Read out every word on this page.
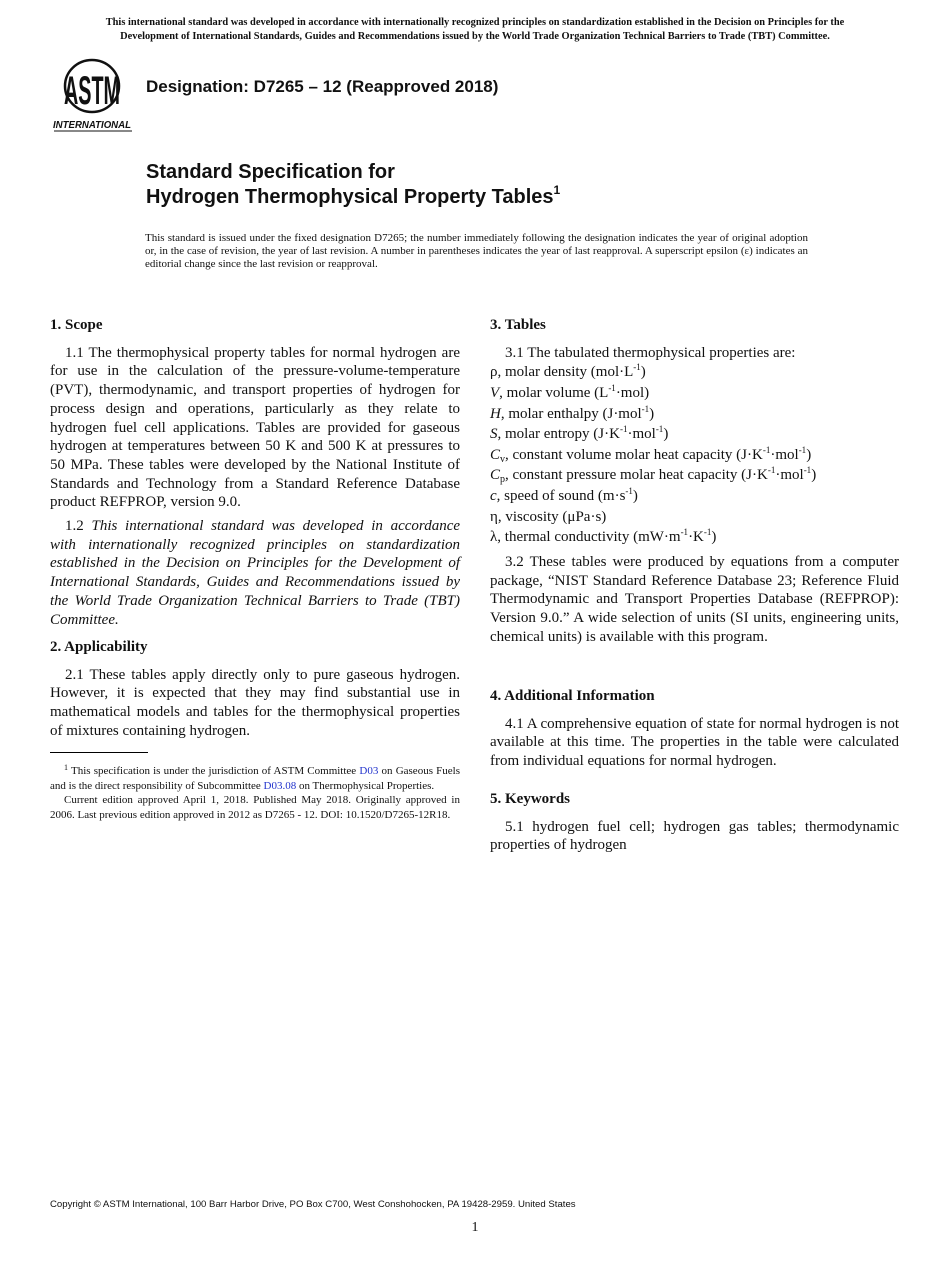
This international standard was developed in accordance with internationally recognized principles on standardization established in the Decision on Principles for the
Development of International Standards, Guides and Recommendations issued by the World Trade Organization Technical Barriers to Trade (TBT) Committee.
ASTM
INTERNATIONAL
Designation: D7265 – 12 (Reapproved 2018)
Standard Specification for
Hydrogen Thermophysical Property Tables$^1$
This standard is issued under the fixed designation D7265; the number immediately following the designation indicates the year of original adoption or, in the case of revision, the year of last revision. A number in parentheses indicates the year of last reapproval. A superscript epsilon (ε) indicates an editorial change since the last revision or reapproval.
1. Scope

1.1 The thermophysical property tables for normal hydrogen are for use in the calculation of the pressure-volume-temperature (PVT), thermodynamic, and transport properties of hydrogen for process design and operations, particularly as they relate to hydrogen fuel cell applications. Tables are provided for gaseous hydrogen at temperatures between 50 K and 500 K at pressures to 50 MPa. These tables were developed by the National Institute of Standards and Technology from a Standard Reference Database product REFPROP, version 9.0.

1.2 This international standard was developed in accordance with internationally recognized principles on standardization established in the Decision on Principles for the Development of International Standards, Guides and Recommendations issued by the World Trade Organization Technical Barriers to Trade (TBT) Committee.

2. Applicability

2.1 These tables apply directly only to pure gaseous hydrogen. However, it is expected that they may find substantial use in mathematical models and tables for the thermophysical properties of mixtures containing hydrogen.

$^1$ This specification is under the jurisdiction of ASTM Committee D03 on Gaseous Fuels and is the direct responsibility of Subcommittee D03.08 on Thermophysical Properties.

Current edition approved April 1, 2018. Published May 2018. Originally approved in 2006. Last previous edition approved in 2012 as D7265 - 12. DOI: 10.1520/D7265-12R18.

3. Tables

3.1 The tabulated thermophysical properties are:

ρ, molar density $(mol\cdot L^{-1})$
V, molar volume $(L^{-1}\cdot mol)$
H, molar enthalpy (J·mol$^{-1}$)
S, molar entropy $(J\cdot K^{-1}\cdot mol^{-1})$
$C_v$, constant volume molar heat capacity $(J\cdot K^{-1}\cdot mol^{-1})$
$C_p$, constant pressure molar heat capacity $(J\cdot K^{-1}\cdot mol^{-1})$
c, speed of sound $(m\cdot s^{-1})$
η, viscosity (μPa·s)
λ, thermal conductivity $(mW\cdot m^{-1}\cdot K^{-1})$

3.2 These tables were produced by equations from a computer package, “NIST Standard Reference Database 23; Reference Fluid Thermodynamic and Transport Properties Database (REFPROP): Version 9.0.” A wide selection of units (SI units, engineering units, chemical units) is available with this program.

4. Additional Information

4.1 A comprehensive equation of state for normal hydrogen is not available at this time. The properties in the table were calculated from individual equations for normal hydrogen.

5. Keywords

5.1 hydrogen fuel cell; hydrogen gas tables; thermodynamic properties of hydrogen

Copyright © ASTM International, 100 Barr Harbor Drive, PO Box C700, West Conshohocken, PA 19428-2959. United States
1
